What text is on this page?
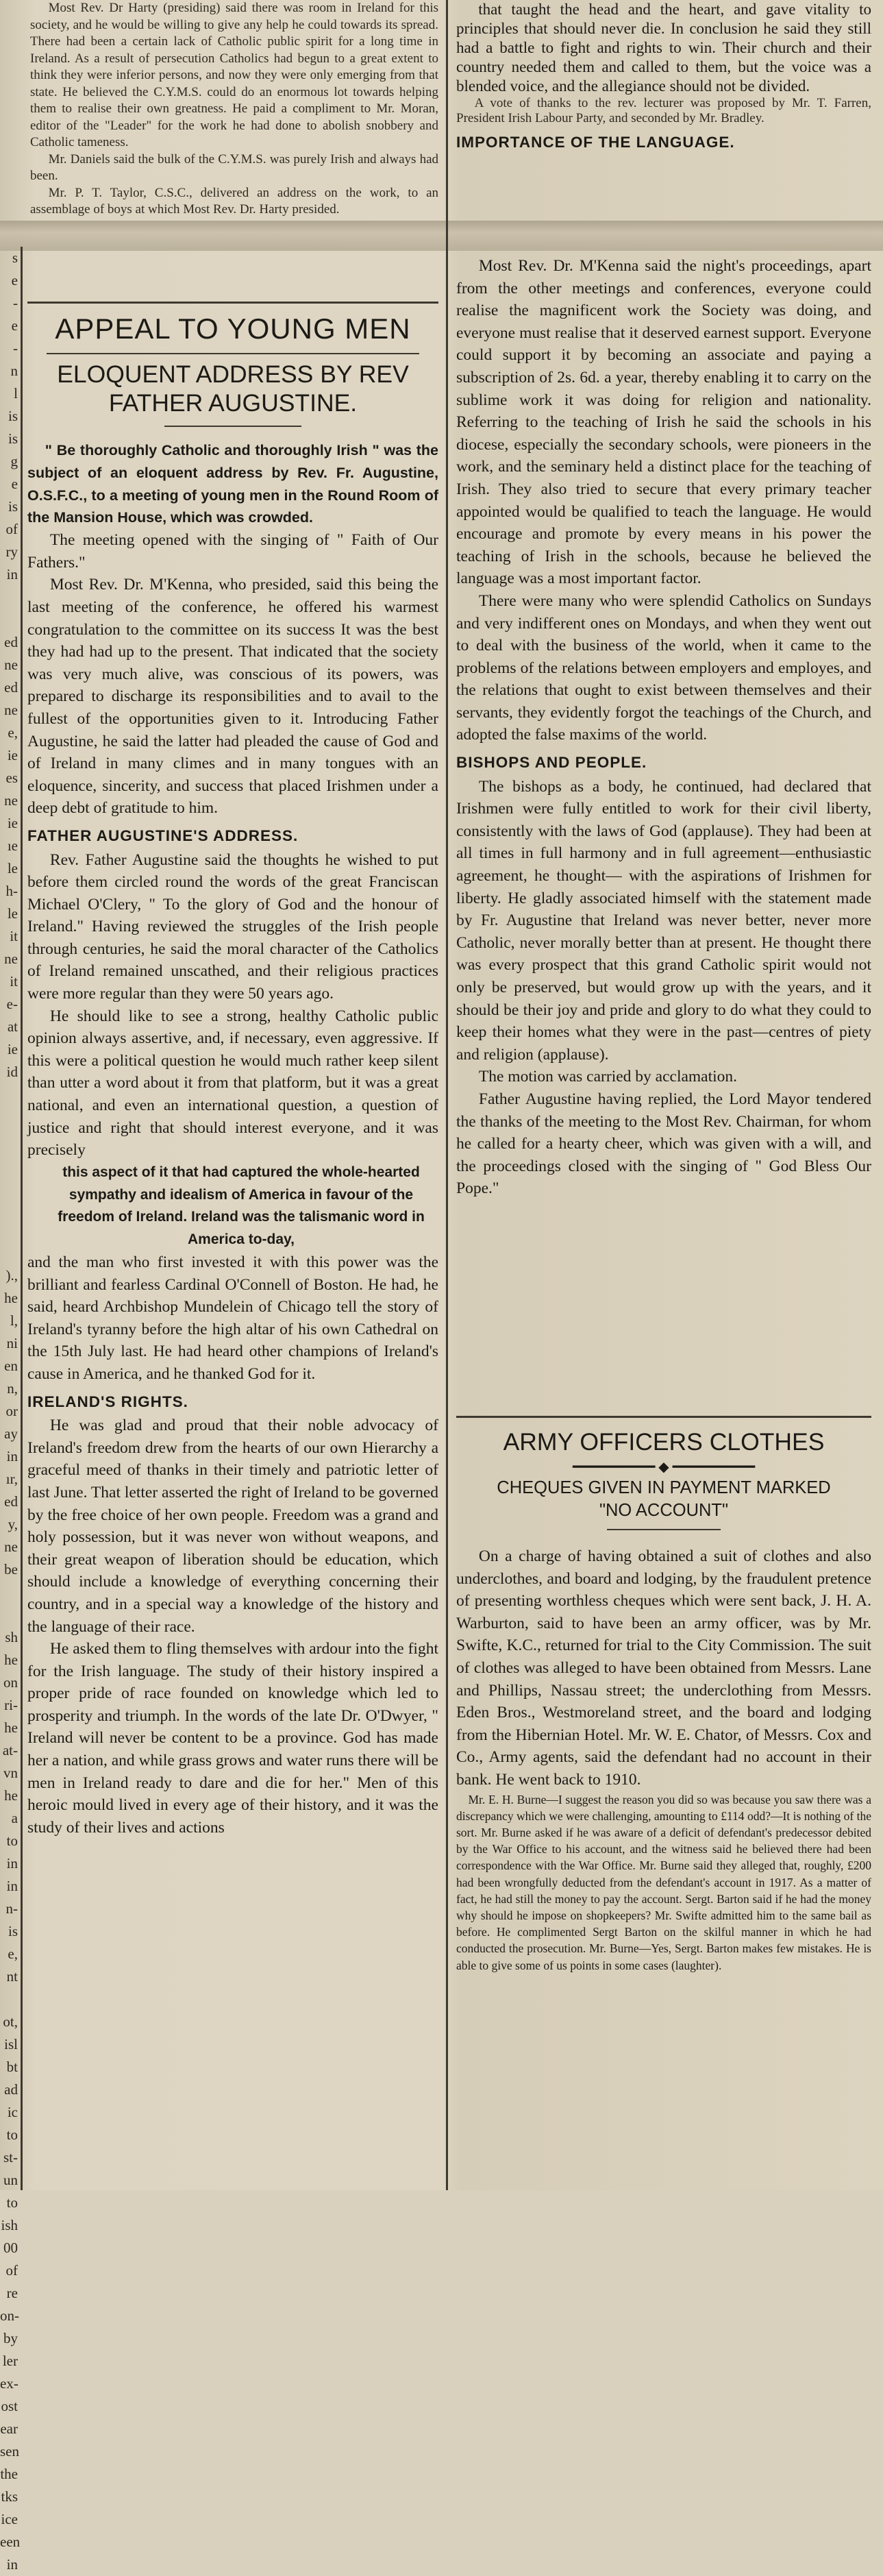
s
e
-
e
-
n
l
is
is
g
e
is
of
ry
in

ed
ne
ed
ne
e,
ie
es
ne
ie
ıe
le
h-
le
it
ne
it
e-
at
ie
id

).,
he
l,
ni
en
n,
or
ay
in
ır,
ed
y,
ne
be

sh
he
on
ri-
he
at-
vn
he
a
to
in
in
n-
is
e,
nt

ot,
isl
bt
ad
ic
to
st-
un
to
ish
00
of
re
on-
by
ler
ex-
ost
ear
sen
the
tks
ice
een
in

Most Rev. Dr Harty (presiding) said there was room in Ireland for this society, and he would be willing to give any help he could towards its spread. There had been a certain lack of Catholic public spirit for a long time in Ireland. As a result of persecution Catholics had begun to a great extent to think they were inferior persons, and now they were only emerging from that state. He believed the C.Y.M.S. could do an enormous lot towards helping them to realise their own greatness. He paid a compliment to Mr. Moran, editor of the "Leader" for the work he had done to abolish snobbery and Catholic tameness.

Mr. Daniels said the bulk of the C.Y.M.S. was purely Irish and always had been.

Mr. P. T. Taylor, C.S.C., delivered an address on the work, to an assemblage of boys at which Most Rev. Dr. Harty presided.

that taught the head and the heart, and gave vitality to principles that should never die. In conclusion he said they still had a battle to fight and rights to win. Their church and their country needed them and called to them, but the voice was a blended voice, and the allegiance should not be divided.

A vote of thanks to the rev. lecturer was proposed by Mr. T. Farren, President Irish Labour Party, and seconded by Mr. Bradley.

IMPORTANCE OF THE LANGUAGE.
APPEAL TO YOUNG MEN
ELOQUENT ADDRESS BY REV FATHER AUGUSTINE.

" Be thoroughly Catholic and thoroughly Irish " was the subject of an eloquent address by Rev. Fr. Augustine, O.S.F.C., to a meeting of young men in the Round Room of the Mansion House, which was crowded.

The meeting opened with the singing of " Faith of Our Fathers."

Most Rev. Dr. M'Kenna, who presided, said this being the last meeting of the conference, he offered his warmest congratulation to the committee on its success It was the best they had had up to the present. That indicated that the society was very much alive, was conscious of its powers, was prepared to discharge its responsibilities and to avail to the fullest of the opportunities given to it. Introducing Father Augustine, he said the latter had pleaded the cause of God and of Ireland in many climes and in many tongues with an eloquence, sincerity, and success that placed Irishmen under a deep debt of gratitude to him.

FATHER AUGUSTINE'S ADDRESS.

Rev. Father Augustine said the thoughts he wished to put before them circled round the words of the great Franciscan Michael O'Clery, " To the glory of God and the honour of Ireland." Having reviewed the struggles of the Irish people through centuries, he said the moral character of the Catholics of Ireland remained unscathed, and their religious practices were more regular than they were 50 years ago.

He should like to see a strong, healthy Catholic public opinion always assertive, and, if necessary, even aggressive. If this were a political question he would much rather keep silent than utter a word about it from that platform, but it was a great national, and even an international question, a question of justice and right that should interest everyone, and it was precisely

this aspect of it that had captured the whole-hearted sympathy and idealism of America in favour of the freedom of Ireland. Ireland was the talismanic word in America to-day,

and the man who first invested it with this power was the brilliant and fearless Cardinal O'Connell of Boston. He had, he said, heard Archbishop Mundelein of Chicago tell the story of Ireland's tyranny before the high altar of his own Cathedral on the 15th July last. He had heard other champions of Ireland's cause in America, and he thanked God for it.

IRELAND'S RIGHTS.

He was glad and proud that their noble advocacy of Ireland's freedom drew from the hearts of our own Hierarchy a graceful meed of thanks in their timely and patriotic letter of last June. That letter asserted the right of Ireland to be governed by the free choice of her own people. Freedom was a grand and holy possession, but it was never won without weapons, and their great weapon of liberation should be education, which should include a knowledge of everything concerning their country, and in a special way a knowledge of the history and the language of their race.

He asked them to fling themselves with ardour into the fight for the Irish language. The study of their history inspired a proper pride of race founded on knowledge which led to prosperity and triumph. In the words of the late Dr. O'Dwyer, " Ireland will never be content to be a province. God has made her a nation, and while grass grows and water runs there will be men in Ireland ready to dare and die for her." Men of this heroic mould lived in every age of their history, and it was the study of their lives and actions

Most Rev. Dr. M'Kenna said the night's proceedings, apart from the other meetings and conferences, everyone could realise the magnificent work the Society was doing, and everyone must realise that it deserved earnest support. Everyone could support it by becoming an associate and paying a subscription of 2s. 6d. a year, thereby enabling it to carry on the sublime work it was doing for religion and nationality. Referring to the teaching of Irish he said the schools in his diocese, especially the secondary schools, were pioneers in the work, and the seminary held a distinct place for the teaching of Irish. They also tried to secure that every primary teacher appointed would be qualified to teach the language. He would encourage and promote by every means in his power the teaching of Irish in the schools, because he believed the language was a most important factor.

There were many who were splendid Catholics on Sundays and very indifferent ones on Mondays, and when they went out to deal with the business of the world, when it came to the problems of the relations between employers and employes, and the relations that ought to exist between themselves and their servants, they evidently forgot the teachings of the Church, and adopted the false maxims of the world.

BISHOPS AND PEOPLE.

The bishops as a body, he continued, had declared that Irishmen were fully entitled to work for their civil liberty, consistently with the laws of God (applause). They had been at all times in full harmony and in full agreement—enthusiastic agreement, he thought— with the aspirations of Irishmen for liberty. He gladly associated himself with the statement made by Fr. Augustine that Ireland was never better, never more Catholic, never morally better than at present. He thought there was every prospect that this grand Catholic spirit would not only be preserved, but would grow up with the years, and it should be their joy and pride and glory to do what they could to keep their homes what they were in the past—centres of piety and religion (applause).

The motion was carried by acclamation.

Father Augustine having replied, the Lord Mayor tendered the thanks of the meeting to the Most Rev. Chairman, for whom he called for a hearty cheer, which was given with a will, and the proceedings closed with the singing of " God Bless Our Pope."

ARMY OFFICERS CLOTHES
━━━━━━━━━━ ◆ ━━━━━━━━━━
CHEQUES GIVEN IN PAYMENT MARKED "NO ACCOUNT"

On a charge of having obtained a suit of clothes and also underclothes, and board and lodging, by the fraudulent pretence of presenting worthless cheques which were sent back, J. H. A. Warburton, said to have been an army officer, was by Mr. Swifte, K.C., returned for trial to the City Commission. The suit of clothes was alleged to have been obtained from Messrs. Lane and Phillips, Nassau street; the underclothing from Messrs. Eden Bros., Westmoreland street, and the board and lodging from the Hibernian Hotel. Mr. W. E. Chator, of Messrs. Cox and Co., Army agents, said the defendant had no account in their bank. He went back to 1910.

Mr. E. H. Burne—I suggest the reason you did so was because you saw there was a discrepancy which we were challenging, amounting to £114 odd?—It is nothing of the sort. Mr. Burne asked if he was aware of a deficit of defendant's predecessor debited by the War Office to his account, and the witness said he believed there had been correspondence with the War Office. Mr. Burne said they alleged that, roughly, £200 had been wrongfully deducted from the defendant's account in 1917. As a matter of fact, he had still the money to pay the account. Sergt. Barton said if he had the money why should he impose on shopkeepers? Mr. Swifte admitted him to the same bail as before. He complimented Sergt Barton on the skilful manner in which he had conducted the prosecution. Mr. Burne—Yes, Sergt. Barton makes few mistakes. He is able to give some of us points in some cases (laughter).
